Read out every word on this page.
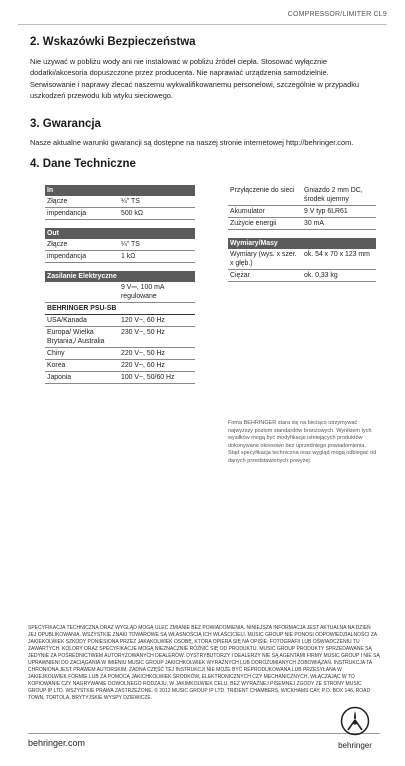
COMPRESSOR/LIMITER CL9
2. Wskazówki Bezpieczeństwa
Nie używać w pobliżu wody ani nie instalować w pobliżu źródeł ciepła. Stosować wyłącznie dodatki/akcesoria dopuszczone przez producenta. Nie naprawiać urządzenia samodzielnie. Serwisowanie i naprawy zlecać naszemu wykwalifikowanemu personelowi, szczególnie w przypadku uszkodzeń przewodu lub wtyku sieciowego.
3. Gwarancja
Nasze aktualne warunki gwarancji są dostępne na naszej stronie internetowej http://behringer.com.
4. Dane Techniczne
In	
Złącze	¼" TS
impendancja	500 kΩ

Out	
Złącze	¼" TS
impendancja	1 kΩ

Zasilanie Elektryczne	
	9 V⎓, 100 mA regulowane
BEHRINGER PSU-SB	
USA/Kanada	120 V~, 60 Hz
Europa/ Wielka Brytania,/ Australia	230 V~, 50 Hz
Chiny	220 V~, 50 Hz
Korea	220 V~, 60 Hz
Japonia	100 V~, 50/60 Hz
Przyłączenie do sieci	Gniazdo 2 mm DC, środek ujemny
Akumulator	9 V typ 6LR61
Zużycie energii	30 mA

Wymiary/Masy	
Wymiary (wys. x szer. x głęb.)	ok. 54 x 70 x 123 mm
Ciężar	ok. 0,33 kg
Firma BEHRINGER stara się na bieżąco utrzymywać najwyższy poziom standardów branżowych. Wynikiem tych wysiłków mogą być modyfikacje istniejących produktów dokonywane okresowo bez uprzedniego powiadomienia. Stąd specyfikacja techniczna oraz wygląd mogą odbiegać od danych przedstawionych powyżej.
SPECYFIKACJA TECHNICZNA ORAZ WYGLĄD MOGĄ ULEC ZMIANIE BEZ POWIADOMIENIA. NINIEJSZA INFORMACJA JEST AKTUALNA NA DZIEŃ JEJ OPUBLIKOWANIA. WSZYSTKIE ZNAKI TOWAROWE SĄ WŁASNOŚCIĄ ICH WŁAŚCICIELI. MUSIC GROUP NIE PONOSI ODPOWIEDZIALNOŚCI ZA JAKIEKOLWIEK SZKODY PONIESIONA PRZEZ JAKĄKOLWIEK OSOBĘ, KTÓRA OPIERA SIĘ NA OPISIE, FOTOGRAFII LUB OŚWIADCZENIU TU ZAWARTYCH. KOLORY ORAZ SPECYFIKACJE MOGĄ NIEZNACZNIE RÓŻNIĆ SIĘ OD PRODUKTU. MUSIC GROUP PRODUKTY SPRZEDAWANE SĄ JEDYNIE ZA POŚREDNICTWEM AUTORYZOWANYCH DEALERÓW. DYSTRYBUTORZY I DEALERZY NIE SĄ AGENTAMI FIRMY MUSIC GROUP I NIE SĄ UPRAWNIENI DO ZACIĄGANIA W IMIENIU MUSIC GROUP JAKICHKOLWIEK WYRAŹNYCH LUB DOROZUMIANYCH ZOBOWIĄZAŃ. INSTRUKCJA TA CHRONIONA JEST PRAWEM AUTORSKIM. ŻADNA CZĘŚĆ TEJ INSTRUKCJI NIE MOŻE BYĆ REPRODUKOWANA LUB PRZESYŁANA W JAKIEJKOLWIEK FORMIE LUB ZA POMOCĄ JAKICHKOLWIEK ŚRODKÓW, ELEKTRONICZNYCH CZY MECHANICZNYCH, WŁĄCZAJĄC W TO KOPIOWANIE CZY NAGRYWANIE DOWOLNEGO RODZAJU, W JAKIMKOLWIEK CELU, BEZ WYRAŹNEJ PISEMNEJ ZGODY ZE STRONY MUSIC GROUP IP LTD. WSZYSTKIE PRAWA ZASTRZEŻONE. © 2012 MUSIC GROUP IP LTD. TRIDENT CHAMBERS, WICKHAMS CAY, P.O. BOX 146, ROAD TOWN, TORTOLA, BRYTYJSKIE WYSPY DZIEWICZE.
behringer.com	behringer
